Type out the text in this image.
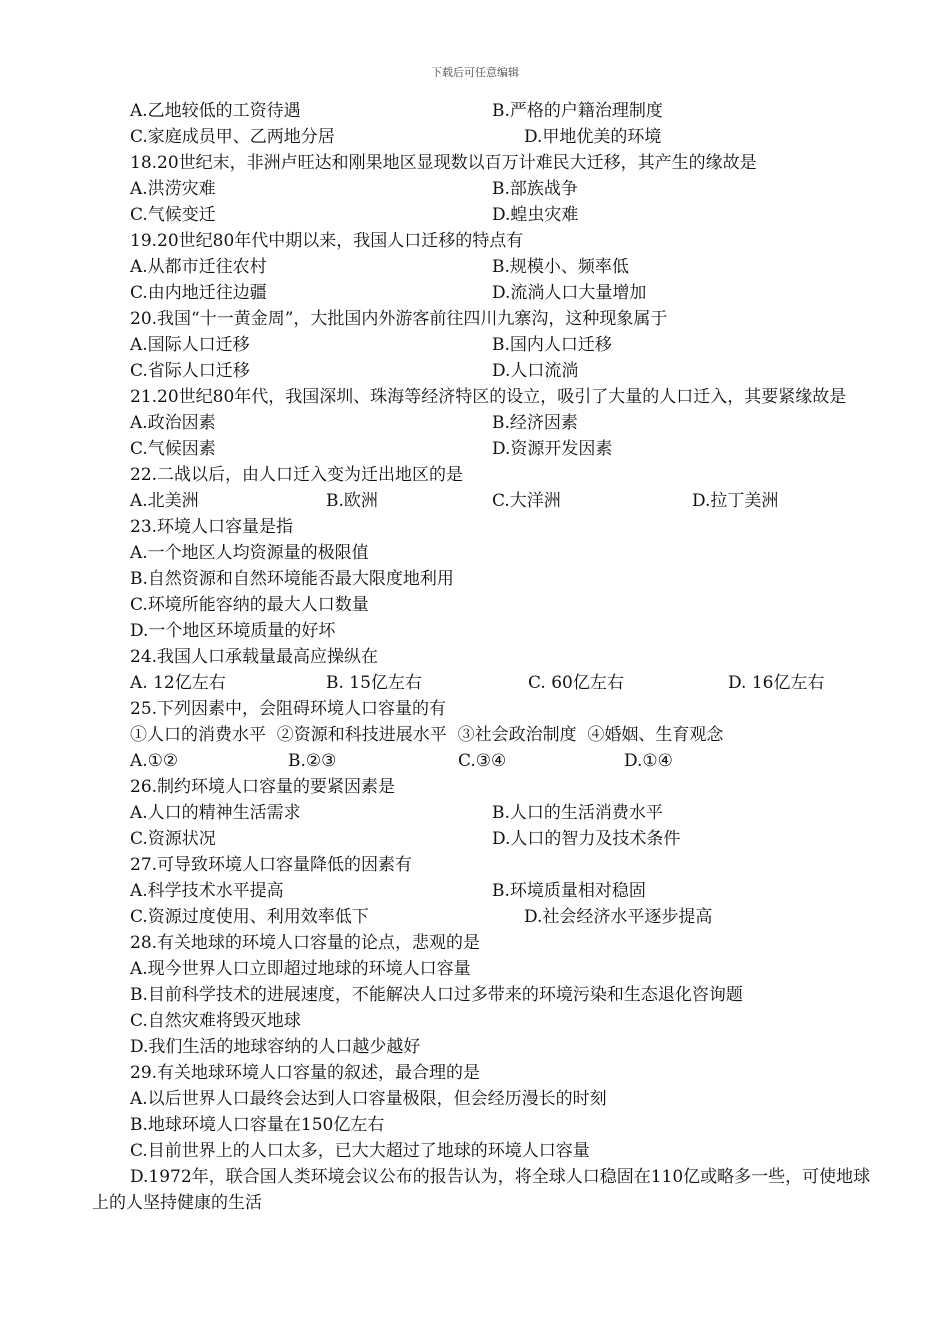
下载后可任意编辑
A.乙地较低的工资待遇	B.严格的户籍治理制度
C.家庭成员甲、乙两地分居	D.甲地优美的环境
18.20世纪末，非洲卢旺达和刚果地区显现数以百万计难民大迁移，其产生的缘故是
A.洪涝灾难	B.部族战争
C.气候变迁	D.蝗虫灾难
19.20世纪80年代中期以来，我国人口迁移的特点有
A.从都市迁往农村	B.规模小、频率低
C.由内地迁往边疆	D.流淌人口大量增加
20.我国“十一黄金周”，大批国内外游客前往四川九寨沟，这种现象属于
A.国际人口迁移	B.国内人口迁移
C.省际人口迁移	D.人口流淌
21.20世纪80年代，我国深圳、珠海等经济特区的设立，吸引了大量的人口迁入，其要紧缘故是
A.政治因素	B.经济因素
C.气候因素	D.资源开发因素
22.二战以后，由人口迁入变为迁出地区的是
A.北美洲	B.欧洲	C.大洋洲	D.拉丁美洲
23.环境人口容量是指
A.一个地区人均资源量的极限值
B.自然资源和自然环境能否最大限度地利用
C.环境所能容纳的最大人口数量
D.一个地区环境质量的好坏
24.我国人口承载量最高应操纵在
A. 12亿左右	B. 15亿左右	C. 60亿左右	D. 16亿左右
25.下列因素中，会阻碍环境人口容量的有
①人口的消费水平  ②资源和科技进展水平  ③社会政治制度  ④婚姻、生育观念
A.①②	B.②③	C.③④	D.①④
26.制约环境人口容量的要紧因素是
A.人口的精神生活需求	B.人口的生活消费水平
C.资源状况	D.人口的智力及技术条件
27.可导致环境人口容量降低的因素有
A.科学技术水平提高	B.环境质量相对稳固
C.资源过度使用、利用效率低下	D.社会经济水平逐步提高
28.有关地球的环境人口容量的论点，悲观的是
A.现今世界人口立即超过地球的环境人口容量
B.目前科学技术的进展速度，不能解决人口过多带来的环境污染和生态退化咨询题
C.自然灾难将毁灭地球
D.我们生活的地球容纳的人口越少越好
29.有关地球环境人口容量的叙述，最合理的是
A.以后世界人口最终会达到人口容量极限，但会经历漫长的时刻
B.地球环境人口容量在150亿左右
C.目前世界上的人口太多，已大大超过了地球的环境人口容量
D.1972年，联合国人类环境会议公布的报告认为，将全球人口稳固在110亿或略多一些，可使地球上的人坚持健康的生活
